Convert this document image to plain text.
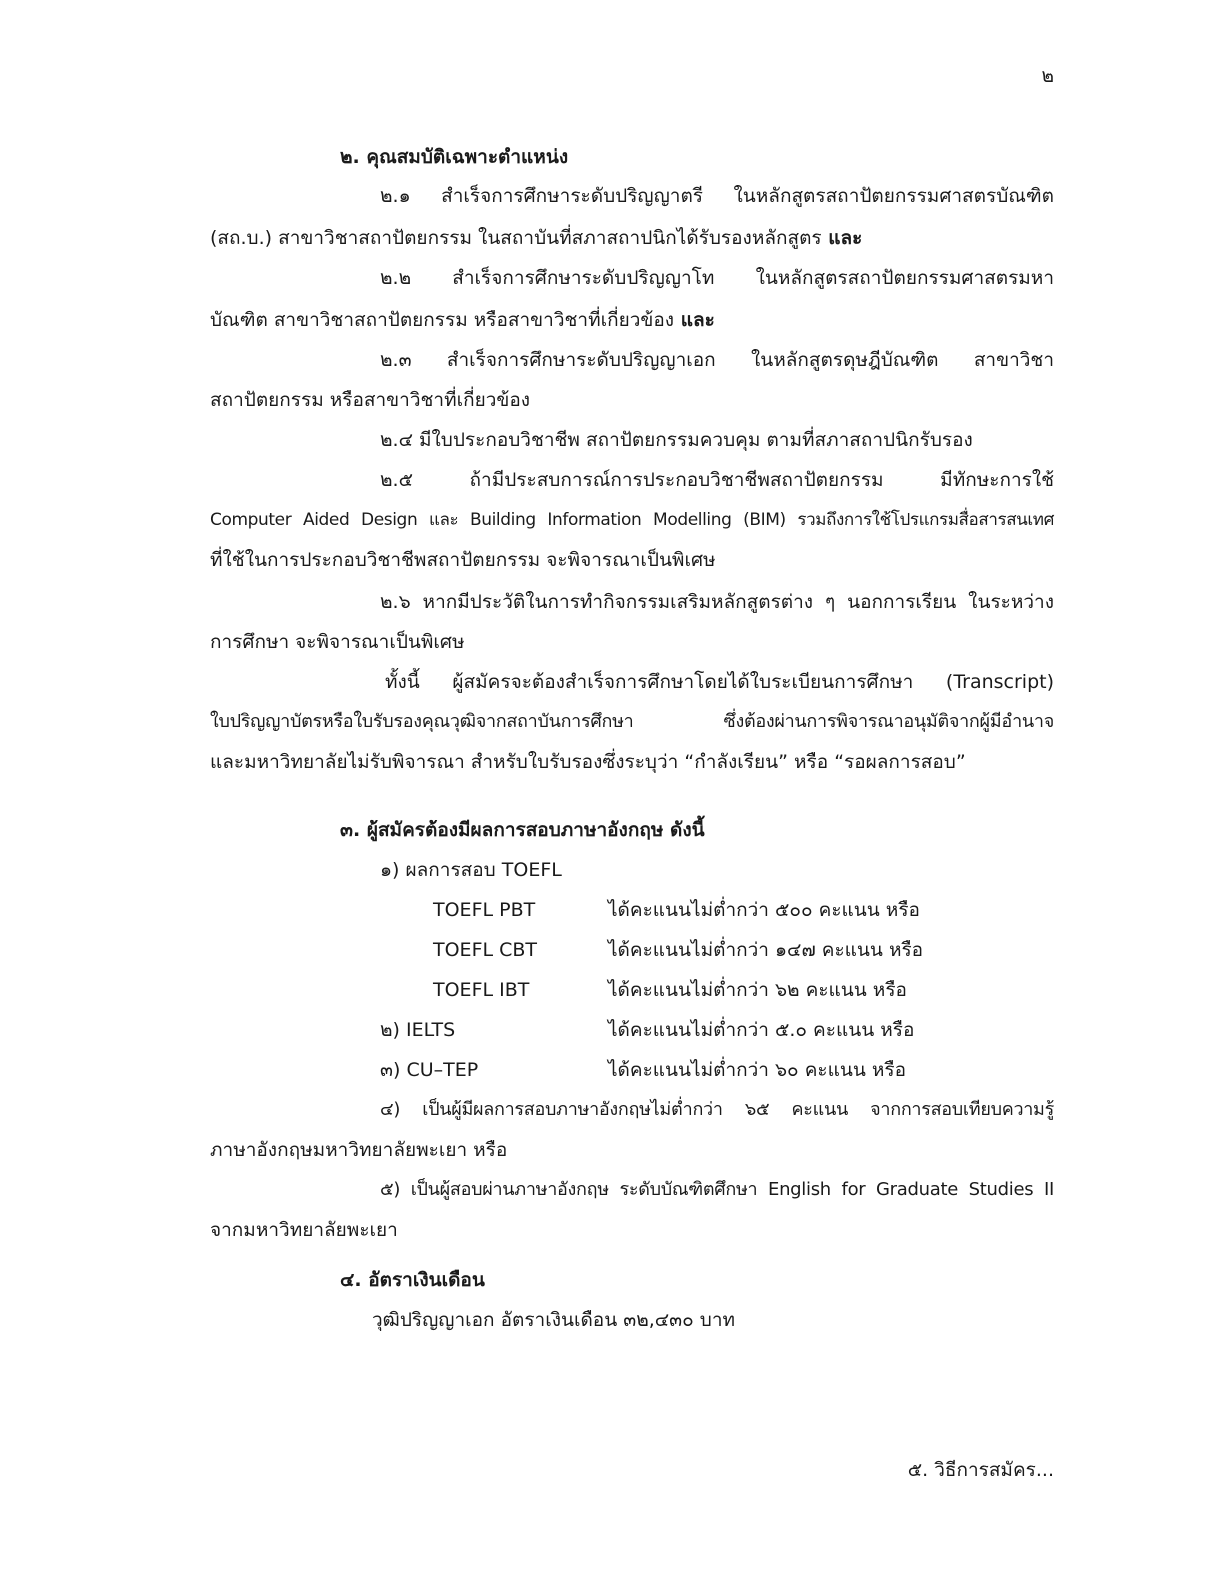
๒
๒. คุณสมบัติเฉพาะตำแหน่ง
๒.๑ สำเร็จการศึกษาระดับปริญญาตรี ในหลักสูตรสถาปัตยกรรมศาสตรบัณฑิต
(สถ.บ.) สาขาวิชาสถาปัตยกรรม ในสถาบันที่สภาสถาปนิกได้รับรองหลักสูตร และ
๒.๒ สำเร็จการศึกษาระดับปริญญาโท ในหลักสูตรสถาปัตยกรรมศาสตรมหา
บัณฑิต สาขาวิชาสถาปัตยกรรม หรือสาขาวิชาที่เกี่ยวข้อง และ
๒.๓ สำเร็จการศึกษาระดับปริญญาเอก ในหลักสูตรดุษฎีบัณฑิต สาขาวิชา
สถาปัตยกรรม หรือสาขาวิชาที่เกี่ยวข้อง
๒.๔ มีใบประกอบวิชาชีพ สถาปัตยกรรมควบคุม ตามที่สภาสถาปนิกรับรอง
๒.๕ ถ้ามีประสบการณ์การประกอบวิชาชีพสถาปัตยกรรม มีทักษะการใช้
Computer Aided Design และ Building Information Modelling (BIM) รวมถึงการใช้โปรแกรมสื่อสารสนเทศ
ที่ใช้ในการประกอบวิชาชีพสถาปัตยกรรม จะพิจารณาเป็นพิเศษ
๒.๖ หากมีประวัติในการทำกิจกรรมเสริมหลักสูตรต่าง ๆ นอกการเรียน ในระหว่าง
การศึกษา จะพิจารณาเป็นพิเศษ
ทั้งนี้ ผู้สมัครจะต้องสำเร็จการศึกษาโดยได้ใบระเบียนการศึกษา (Transcript)
ใบปริญญาบัตรหรือใบรับรองคุณวุฒิจากสถาบันการศึกษา ซึ่งต้องผ่านการพิจารณาอนุมัติจากผู้มีอำนาจ
และมหาวิทยาลัยไม่รับพิจารณา สำหรับใบรับรองซึ่งระบุว่า “กำลังเรียน” หรือ “รอผลการสอบ”
๓. ผู้สมัครต้องมีผลการสอบภาษาอังกฤษ ดังนี้
๑) ผลการสอบ TOEFL
TOEFL PBT	ได้คะแนนไม่ต่ำกว่า ๕๐๐ คะแนน หรือ
TOEFL CBT	ได้คะแนนไม่ต่ำกว่า ๑๔๗ คะแนน หรือ
TOEFL IBT	ได้คะแนนไม่ต่ำกว่า ๖๒ คะแนน หรือ
๒) IELTS	ได้คะแนนไม่ต่ำกว่า ๕.๐ คะแนน หรือ
๓) CU–TEP	ได้คะแนนไม่ต่ำกว่า ๖๐ คะแนน หรือ
๔) เป็นผู้มีผลการสอบภาษาอังกฤษไม่ต่ำกว่า ๖๕ คะแนน จากการสอบเทียบความรู้
ภาษาอังกฤษมหาวิทยาลัยพะเยา หรือ
๕) เป็นผู้สอบผ่านภาษาอังกฤษ ระดับบัณฑิตศึกษา English for Graduate Studies II
จากมหาวิทยาลัยพะเยา
๔. อัตราเงินเดือน
วุฒิปริญญาเอก อัตราเงินเดือน ๓๒,๔๓๐ บาท
๕. วิธีการสมัคร...
